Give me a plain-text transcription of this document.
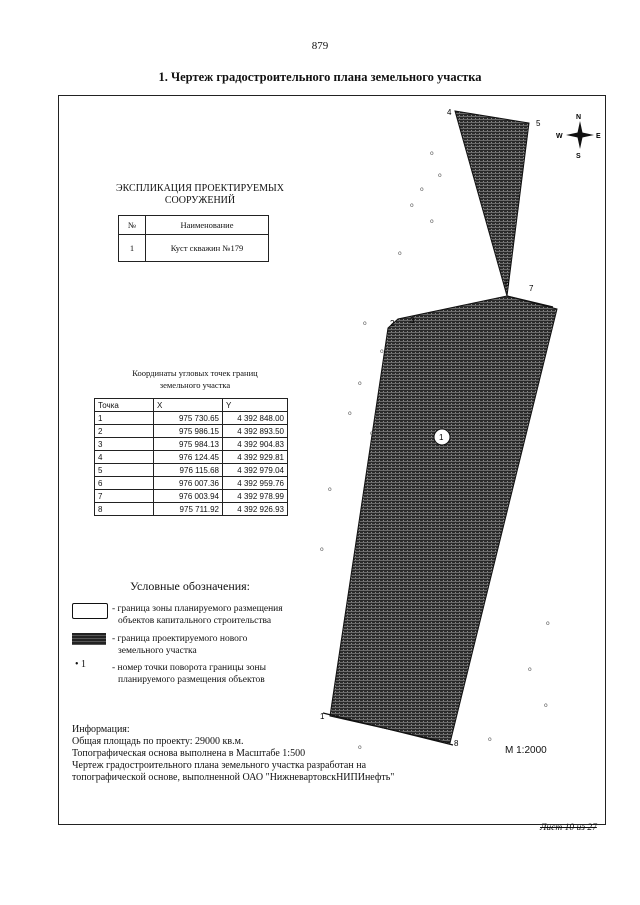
879
1. Чертеж градостроительного плана земельного участка
o
o
o
o
o
o
o
o
o
o
o
o
o
o
o
o
o
o
1
2 3
4
5
6
7
8
1
N
S
W	E
ЭКСПЛИКАЦИЯ ПРОЕКТИРУЕМЫХ
СООРУЖЕНИЙ
№	Наименование
1	Куст скважин №179
Координаты угловых точек границ
земельного участка
Точка	X	Y
1	975 730.65	4 392 848.00
2	975 986.15	4 392 893.50
3	975 984.13	4 392 904.83
4	976 124.45	4 392 929.81
5	976 115.68	4 392 979.04
6	976 007.36	4 392 959.76
7	976 003.94	4 392 978.99
8	975 711.92	4 392 926.93
Условные обозначения:
- граница зоны планируемого размещения
объектов капитального строительства
- граница проектируемого нового
земельного участка
• 1	- номер точки поворота границы зоны
планируемого размещения объектов
Информация:
Общая площадь по проекту: 29000 кв.м.
Топографическая основа выполнена в Масштабе 1:500
Чертеж градостроительного плана земельного участка разработан на
топографической основе, выполненной ОАО "НижневартовскНИПИнефть"
М 1:2000
Лист 10 из 27
